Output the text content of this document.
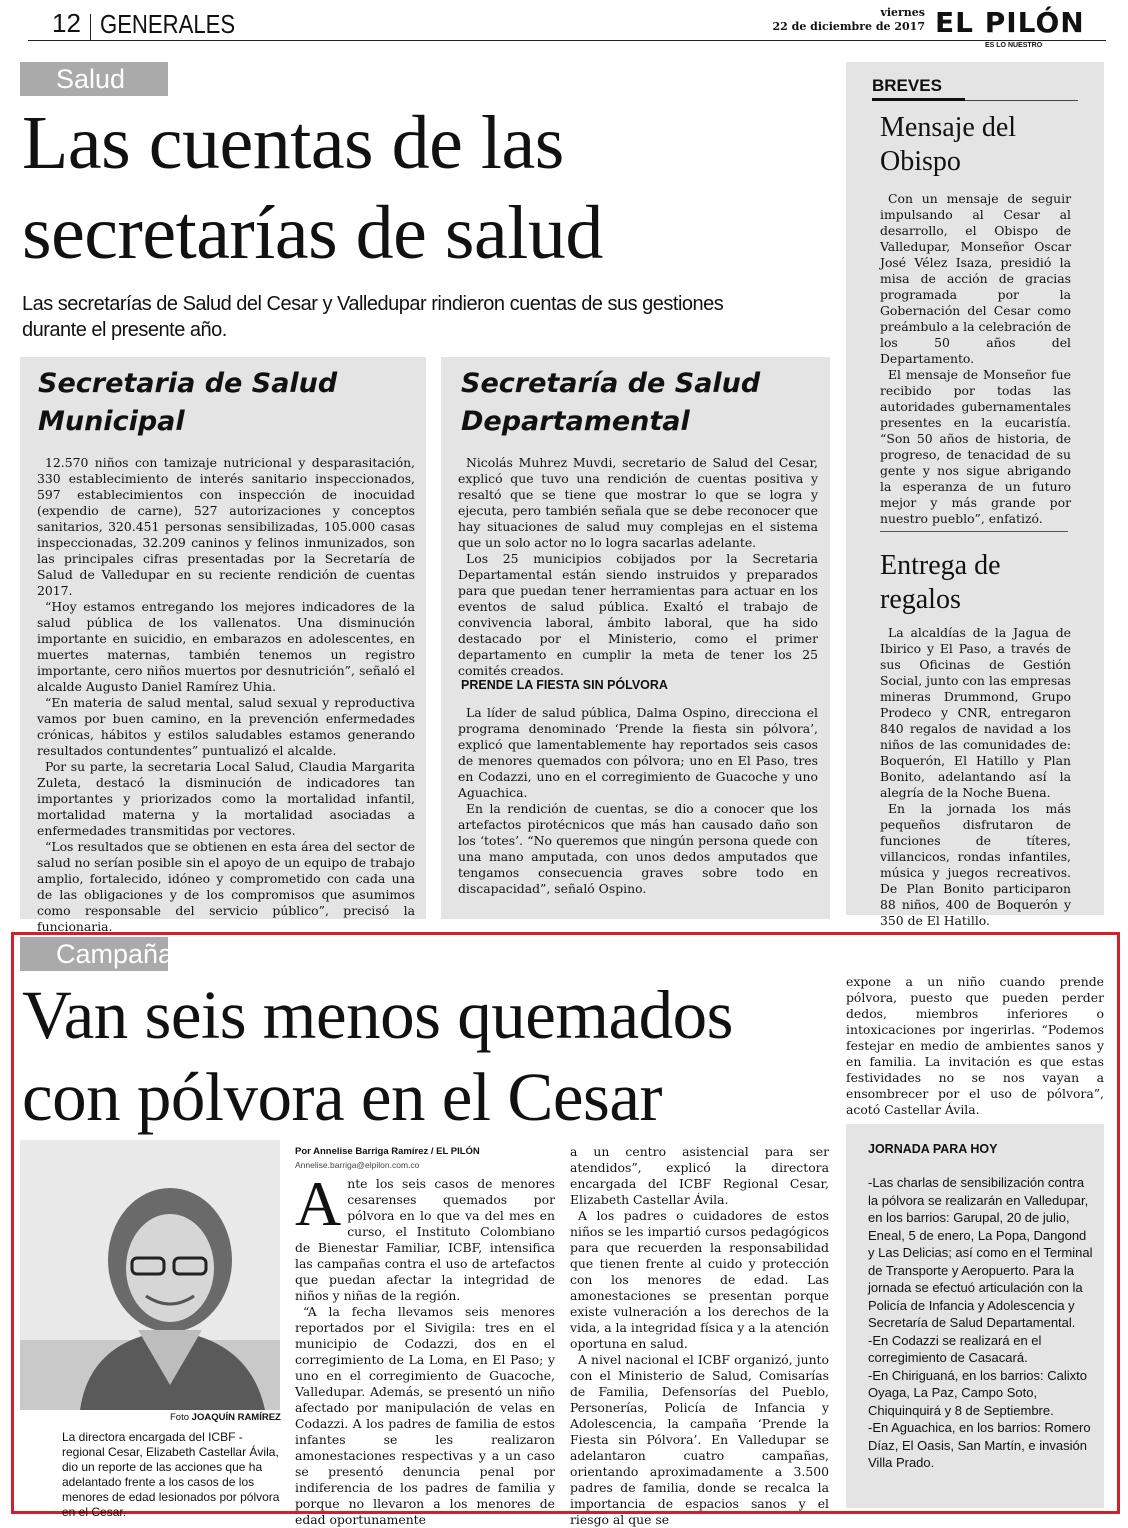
12 GENERALES	viernes
22 de diciembre de 2017 EL PILÓN
ES LO NUESTRO
Salud
Las cuentas de las
secretarías de salud
Las secretarías de Salud del Cesar y Valledupar rindieron cuentas de sus gestiones
durante el presente año.
Secretaria de Salud
Municipal

12.570 niños con tamizaje nutricional y desparasitación, 330 establecimiento de interés sanitario inspeccionados, 597 establecimientos con inspección de inocuidad (expendio de carne), 527 autorizaciones y conceptos sanitarios, 320.451 personas sensibilizadas, 105.000 casas inspeccionadas, 32.209 caninos y felinos inmunizados, son las principales cifras presentadas por la Secretaría de Salud de Valledupar en su reciente rendición de cuentas 2017.

“Hoy estamos entregando los mejores indicadores de la salud pública de los vallenatos. Una disminución importante en suicidio, en embarazos en adolescentes, en muertes maternas, también tenemos un registro importante, cero niños muertos por desnutrición”, señaló el alcalde Augusto Daniel Ramírez Uhia.

“En materia de salud mental, salud sexual y reproductiva vamos por buen camino, en la prevención enfermedades crónicas, hábitos y estilos saludables estamos generando resultados contundentes” puntualizó el alcalde.

Por su parte, la secretaria Local Salud, Claudia Margarita Zuleta, destacó la disminución de indicadores tan importantes y priorizados como la mortalidad infantil, mortalidad materna y la mortalidad asociadas a enfermedades transmitidas por vectores.

“Los resultados que se obtienen en esta área del sector de salud no serían posible sin el apoyo de un equipo de trabajo amplio, fortalecido, idóneo y comprometido con cada una de las obligaciones y de los compromisos que asumimos como responsable del servicio público”, precisó la funcionaria.

Secretaría de Salud
Departamental

Nicolás Muhrez Muvdi, secretario de Salud del Cesar, explicó que tuvo una rendición de cuentas positiva y resaltó que se tiene que mostrar lo que se logra y ejecuta, pero también señala que se debe reconocer que hay situaciones de salud muy complejas en el sistema que un solo actor no lo logra sacarlas adelante.

Los 25 municipios cobijados por la Secretaria Departamental están siendo instruidos y preparados para que puedan tener herramientas para actuar en los eventos de salud pública. Exaltó el trabajo de convivencia laboral, ámbito laboral, que ha sido destacado por el Ministerio, como el primer departamento en cumplir la meta de tener los 25 comités creados.

PRENDE LA FIESTA SIN PÓLVORA

La líder de salud pública, Dalma Ospino, direcciona el programa denominado ‘Prende la fiesta sin pólvora’, explicó que lamentablemente hay reportados seis casos de menores quemados con pólvora; uno en El Paso, tres en Codazzi, uno en el corregimiento de Guacoche y uno Aguachica.

En la rendición de cuentas, se dio a conocer que los artefactos pirotécnicos que más han causado daño son los ‘totes’. “No queremos que ningún persona quede con una mano amputada, con unos dedos amputados que tengamos consecuencia graves sobre todo en discapacidad”, señaló Ospino.

BREVES
Mensaje del
Obispo

Con un mensaje de seguir impulsando al Cesar al desarrollo, el Obispo de Valledupar, Monseñor Oscar José Vélez Isaza, presidió la misa de acción de gracias programada por la Gobernación del Cesar como preámbulo a la celebración de los 50 años del Departamento.

El mensaje de Monseñor fue recibido por todas las autoridades gubernamentales presentes en la eucaristía. “Son 50 años de historia, de progreso, de tenacidad de su gente y nos sigue abrigando la esperanza de un futuro mejor y más grande por nuestro pueblo”, enfatizó.

Entrega de
regalos

La alcaldías de la Jagua de Ibirico y El Paso, a través de sus Oficinas de Gestión Social, junto con las empresas mineras Drummond, Grupo Prodeco y CNR, entregaron 840 regalos de navidad a los niños de las comunidades de: Boquerón, El Hatillo y Plan Bonito, adelantando así la alegría de la Noche Buena.

En la jornada los más pequeños disfrutaron de funciones de títeres, villancicos, rondas infantiles, música y juegos recreativos. De Plan Bonito participaron 88 niños, 400 de Boquerón y 350 de El Hatillo.

Campaña
Van seis menos quemados
con pólvora en el Cesar

expone a un niño cuando prende pólvora, puesto que pueden perder dedos, miembros inferiores o intoxicaciones por ingerirlas. “Podemos festejar en medio de ambientes sanos y en familia. La invitación es que estas festividades no se nos vayan a ensombrecer por el uso de pólvora”, acotó Castellar Ávila.

Foto JOAQUÍN RAMÍREZ
La directora encargada del ICBF -regional Cesar, Elizabeth Castellar Ávila, dio un reporte de las acciones que ha adelantado frente a los casos de los menores de edad lesionados por pólvora en el Cesar.
Por Annelise Barriga Ramírez / EL PILÓN
Annelise.barriga@elpilon.com.co
A nte los seis casos de menores cesarenses quemados por pólvora en lo que va del mes en curso, el Instituto Colombiano de Bienestar Familiar, ICBF, intensifica las campañas contra el uso de artefactos que puedan afectar la integridad de niños y niñas de la región.

“A la fecha llevamos seis menores reportados por el Sivigila: tres en el municipio de Codazzi, dos en el corregimiento de La Loma, en El Paso; y uno en el corregimiento de Guacoche, Valledupar. Además, se presentó un niño afectado por manipulación de velas en Codazzi. A los padres de familia de estos infantes se les realizaron amonestaciones respectivas y a un caso se presentó denuncia penal por indiferencia de los padres de familia y porque no llevaron a los menores de edad oportunamente

a un centro asistencial para ser atendidos”, explicó la directora encargada del ICBF Regional Cesar, Elizabeth Castellar Ávila.

A los padres o cuidadores de estos niños se les impartió cursos pedagógicos para que recuerden la responsabilidad que tienen frente al cuido y protección con los menores de edad. Las amonestaciones se presentan porque existe vulneración a los derechos de la vida, a la integridad física y a la atención oportuna en salud.

A nivel nacional el ICBF organizó, junto con el Ministerio de Salud, Comisarías de Familia, Defensorías del Pueblo, Personerías, Policía de Infancia y Adolescencia, la campaña ‘Prende la Fiesta sin Pólvora’. En Valledupar se adelantaron cuatro campañas, orientando aproximadamente a 3.500 padres de familia, donde se recalca la importancia de espacios sanos y el riesgo al que se

JORNADA PARA HOY
-Las charlas de sensibilización contra la pólvora se realizarán en Valledupar, en los barrios: Garupal, 20 de julio, Eneal, 5 de enero, La Popa, Dangond y Las Delicias; así como en el Terminal de Transporte y Aeropuerto. Para la jornada se efectuó articulación con la Policía de Infancia y Adolescencia y Secretaría de Salud Departamental.
-En Codazzi se realizará en el corregimiento de Casacará.
-En Chiriguaná, en los barrios: Calixto Oyaga, La Paz, Campo Soto, Chiquinquirá y 8 de Septiembre.
-En Aguachica, en los barrios: Romero Díaz, El Oasis, San Martín, e invasión Villa Prado.
